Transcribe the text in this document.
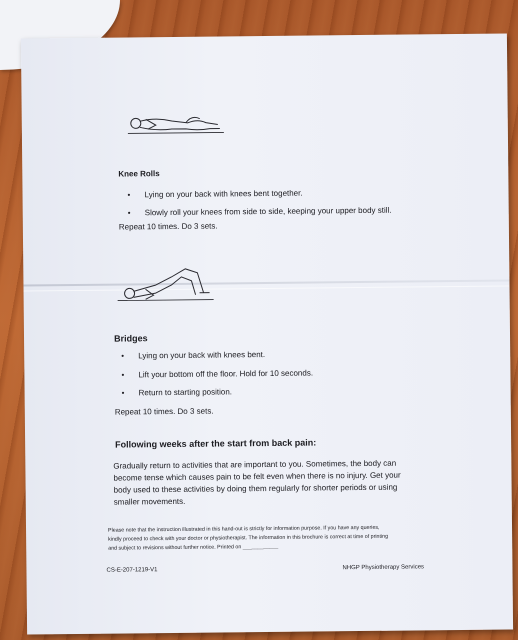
Knee Rolls
• Lying on your back with knees bent together.
• Slowly roll your knees from side to side, keeping your upper body still.
Repeat 10 times. Do 3 sets.
Bridges
• Lying on your back with knees bent.
• Lift your bottom off the floor. Hold for 10 seconds.
• Return to starting position.
Repeat 10 times. Do 3 sets.
Following weeks after the start from back pain:
Gradually return to activities that are important to you. Sometimes, the body can
become tense which causes pain to be felt even when there is no injury. Get your
body used to these activities by doing them regularly for shorter periods or using
smaller movements.
Please note that the instruction illustrated in this hand-out is strictly for information purpose. If you have any queries,
kindly proceed to check with your doctor or physiotherapist. The information in this brochure is correct at time of printing
and subject to revisions without further notice. Printed on ____________
CS-E-207-1219-V1	NHGP Physiotherapy Services
